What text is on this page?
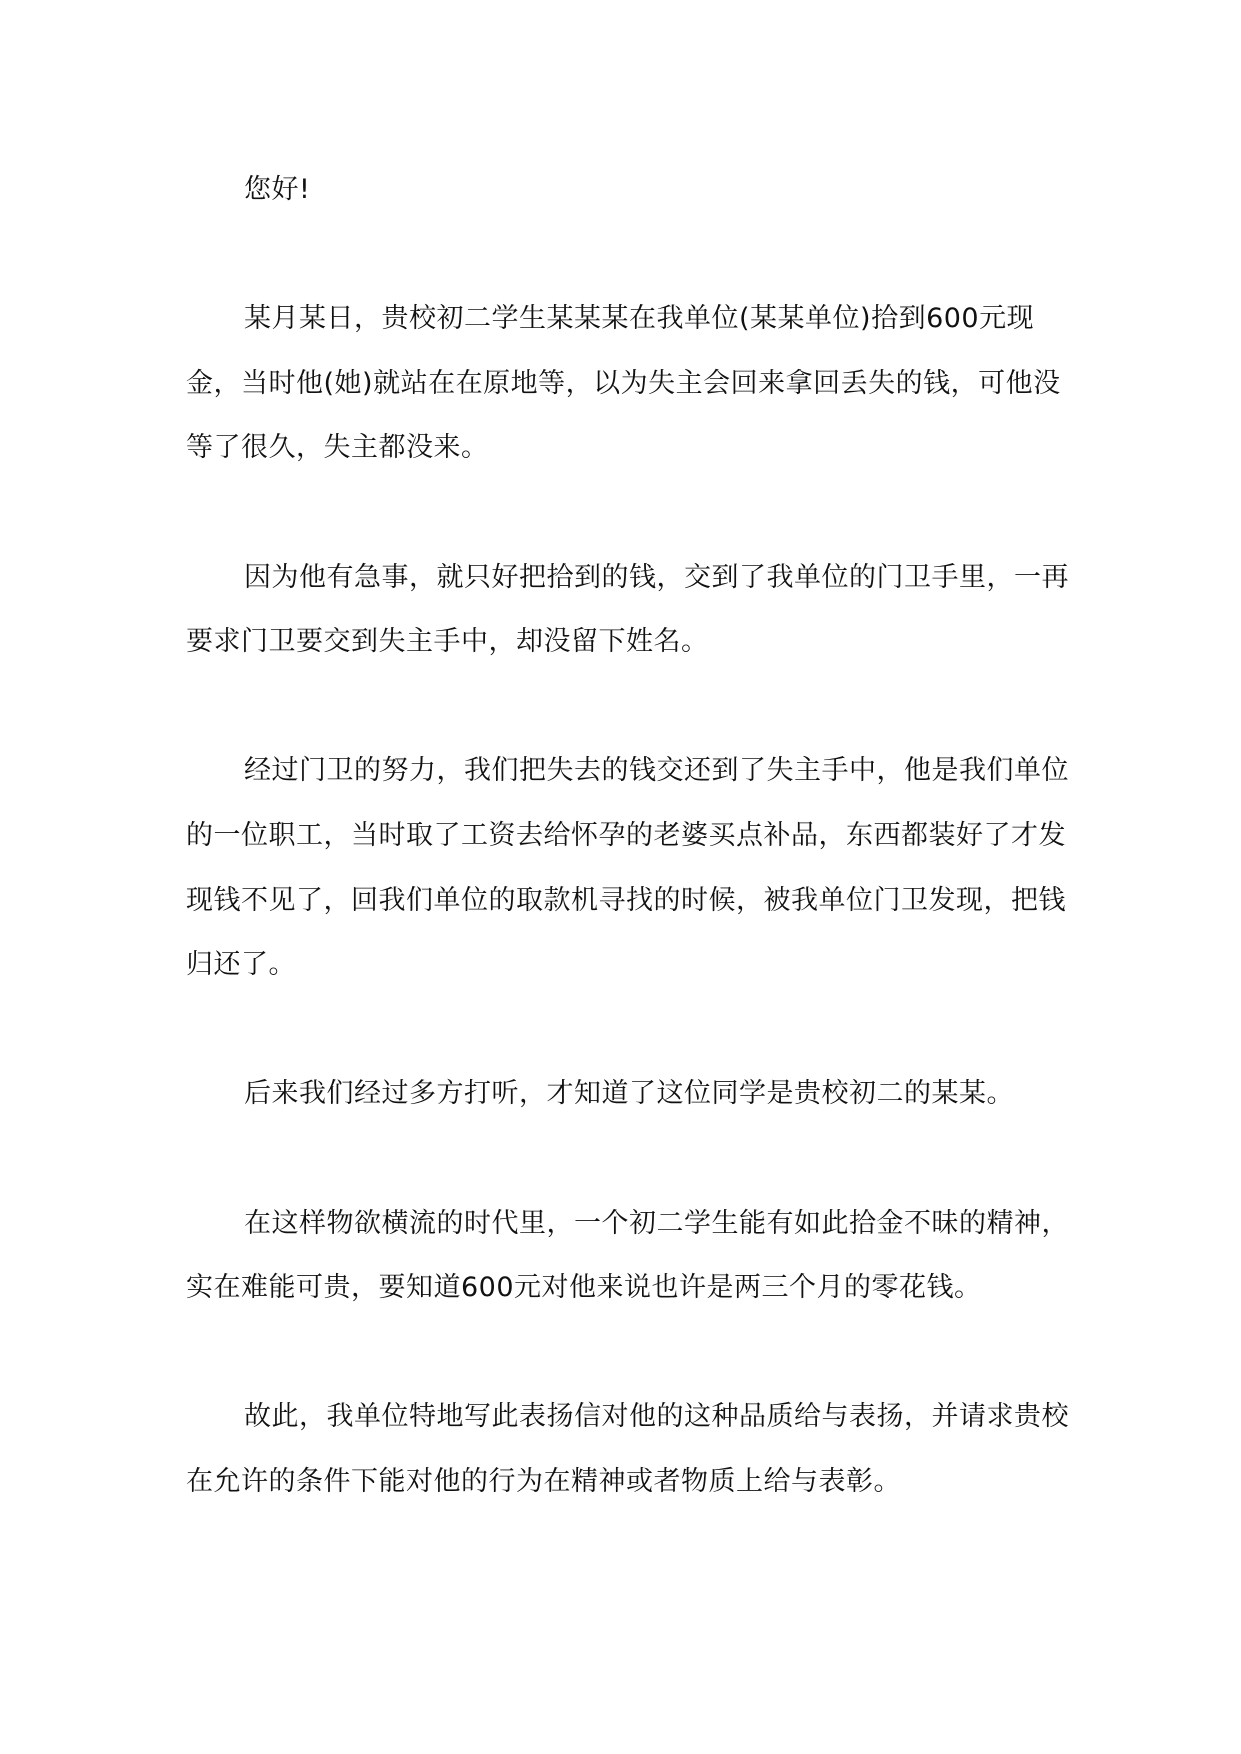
您好!

某月某日，贵校初二学生某某某在我单位(某某单位)拾到600元现金，当时他(她)就站在在原地等，以为失主会回来拿回丢失的钱，可他没等了很久，失主都没来。

因为他有急事，就只好把拾到的钱，交到了我单位的门卫手里，一再要求门卫要交到失主手中，却没留下姓名。

经过门卫的努力，我们把失去的钱交还到了失主手中，他是我们单位的一位职工，当时取了工资去给怀孕的老婆买点补品，东西都装好了才发现钱不见了，回我们单位的取款机寻找的时候，被我单位门卫发现，把钱归还了。

后来我们经过多方打听，才知道了这位同学是贵校初二的某某。

在这样物欲横流的时代里，一个初二学生能有如此拾金不昧的精神，实在难能可贵，要知道600元对他来说也许是两三个月的零花钱。

故此，我单位特地写此表扬信对他的这种品质给与表扬，并请求贵校在允许的条件下能对他的行为在精神或者物质上给与表彰。
